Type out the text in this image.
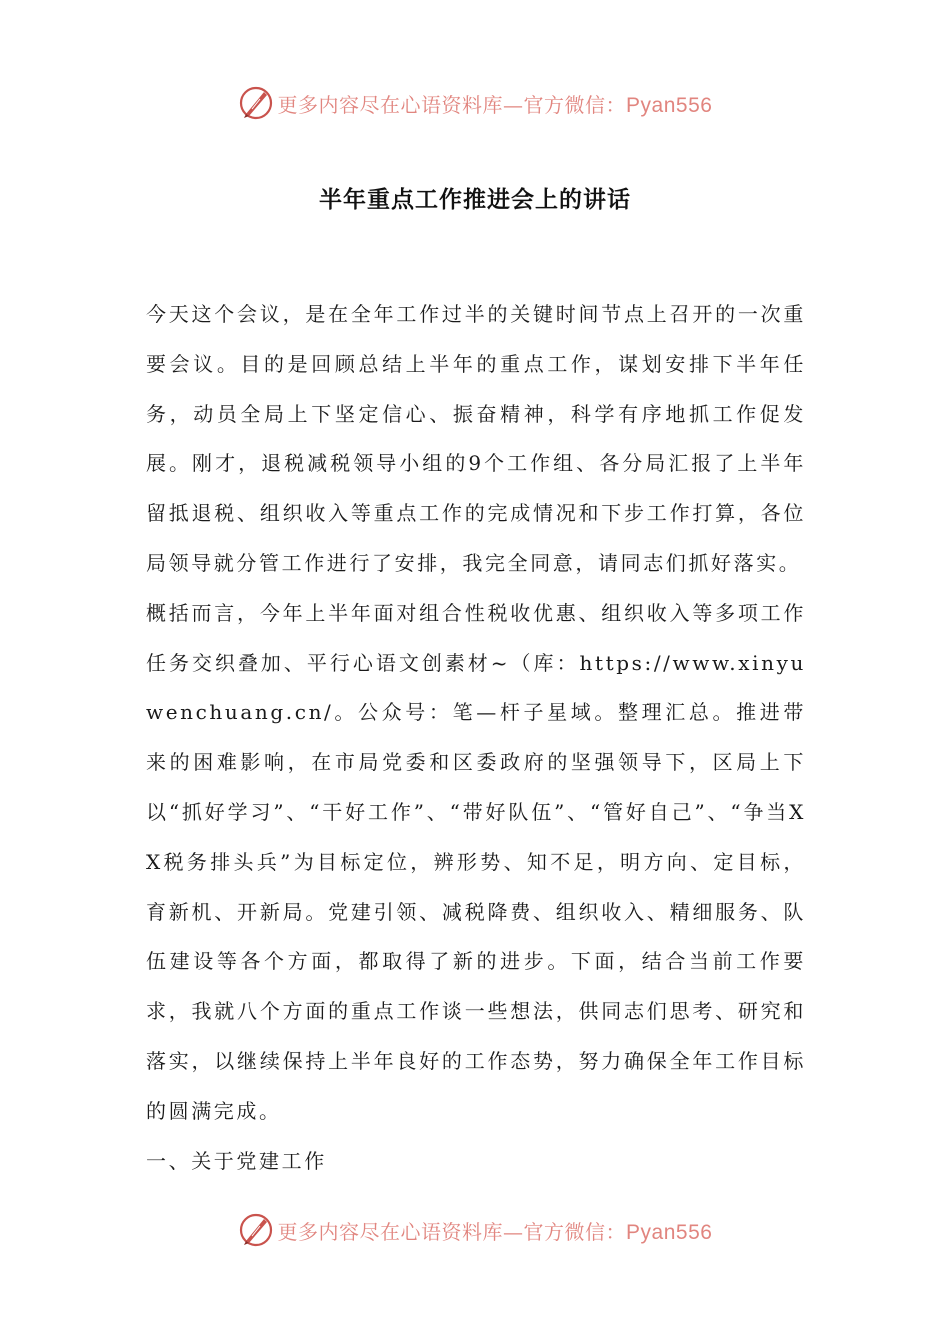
更多内容尽在心语资料库—官方微信：Pyan556
半年重点工作推进会上的讲话

今天这个会议，是在全年工作过半的关键时间节点上召开的一次重要会议。目的是回顾总结上半年的重点工作，谋划安排下半年任务，动员全局上下坚定信心、振奋精神，科学有序地抓工作促发展。刚才，退税减税领导小组的9个工作组、各分局汇报了上半年留抵退税、组织收入等重点工作的完成情况和下步工作打算，各位局领导就分管工作进行了安排，我完全同意，请同志们抓好落实。

概括而言，今年上半年面对组合性税收优惠、组织收入等多项工作任务交织叠加、平行心语文创素材~（库：https://www.xinyuwenchuang.cn/。公众号：笔—杆子星域。整理汇总。推进带来的困难影响，在市局党委和区委政府的坚强领导下，区局上下以“抓好学习”、“干好工作”、“带好队伍”、“管好自己”、“争当XX税务排头兵”为目标定位，辨形势、知不足，明方向、定目标，育新机、开新局。党建引领、减税降费、组织收入、精细服务、队伍建设等各个方面，都取得了新的进步。下面，结合当前工作要求，我就八个方面的重点工作谈一些想法，供同志们思考、研究和落实，以继续保持上半年良好的工作态势，努力确保全年工作目标的圆满完成。

一、关于党建工作

更多内容尽在心语资料库—官方微信：Pyan556
